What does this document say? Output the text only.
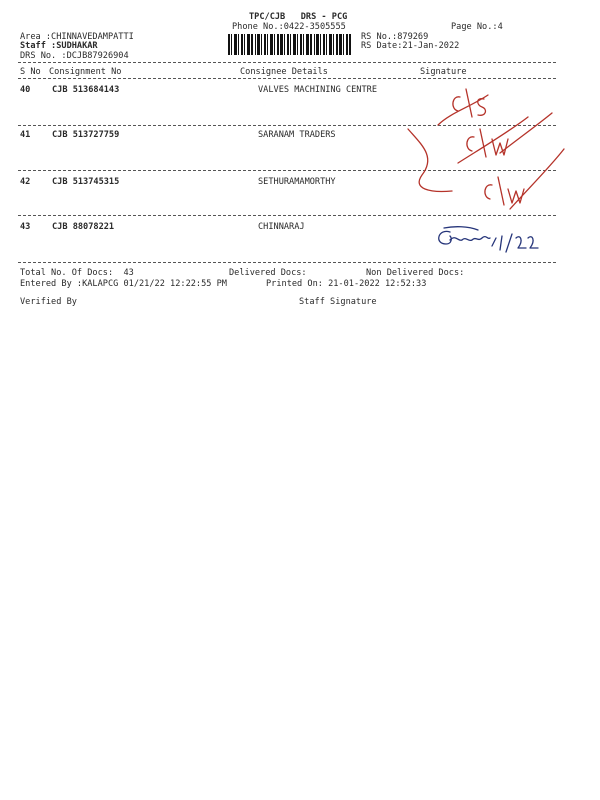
TPC/CJB   DRS - PCG
Phone No.:0422-3505555	Page No.:4
Area :CHINNAVEDAMPATTI
Staff :SUDHAKAR
DRS No. :DCJB87926904
RS No.:879269
RS Date:21-Jan-2022
S No Consignment No	Consignee Details	Signature
40	CJB 513684143	VALVES MACHINING CENTRE
41	CJB 513727759	SARANAM TRADERS
42	CJB 513745315	SETHURAMAMORTHY
43	CJB 88078221	CHINNARAJ
Total No. Of Docs:  43	Delivered Docs:	Non Delivered Docs:
Entered By :KALAPCG 01/21/22 12:22:55 PM	Printed On: 21-01-2022 12:52:33
Verified By	Staff Signature
